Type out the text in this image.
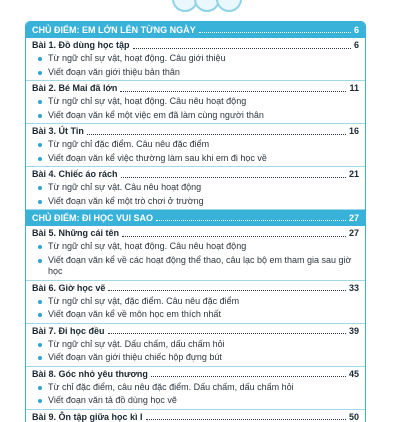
CHỦ ĐIỂM: EM LỚN LÊN TỪNG NGÀY	6
Bài 1. Đồ dùng học tập	6
Từ ngữ chỉ sự vật, hoạt động. Câu giới thiệu
Viết đoạn văn giới thiệu bản thân
Bài 2. Bé Mai đã lớn	11
Từ ngữ chỉ sự vật, hoạt động. Câu nêu hoạt động
Viết đoạn văn kể một việc em đã làm cùng người thân
Bài 3. Út Tin	16
Từ ngữ chỉ đặc điểm. Câu nêu đặc điểm
Viết đoạn văn kể việc thường làm sau khi em đi học về
Bài 4. Chiếc áo rách	21
Từ ngữ chỉ sự vật. Câu nêu hoạt động
Viết đoạn văn kể một trò chơi ở trường
CHỦ ĐIỂM: ĐI HỌC VUI SAO	27
Bài 5. Những cái tên	27
Từ ngữ chỉ sự vật, hoạt động. Câu nêu hoạt động
Viết đoạn văn kể về các hoạt động thể thao, câu lạc bộ em tham gia sau giờ học
Bài 6. Giờ học vẽ	33
Từ ngữ chỉ sự vật, đặc điểm. Câu nêu đặc điểm
Viết đoạn văn kể về môn học em thích nhất
Bài 7. Đi học đều	39
Từ ngữ chỉ sự vật. Dấu chấm, dấu chấm hỏi
Viết đoạn văn giới thiệu chiếc hộp đựng bút
Bài 8. Góc nhỏ yêu thương	45
Từ chỉ đặc điểm, câu nêu đặc điểm. Dấu chấm, dấu chấm hỏi
Viết đoạn văn tả đồ dùng học vẽ
Bài 9. Ôn tập giữa học kì I	50
